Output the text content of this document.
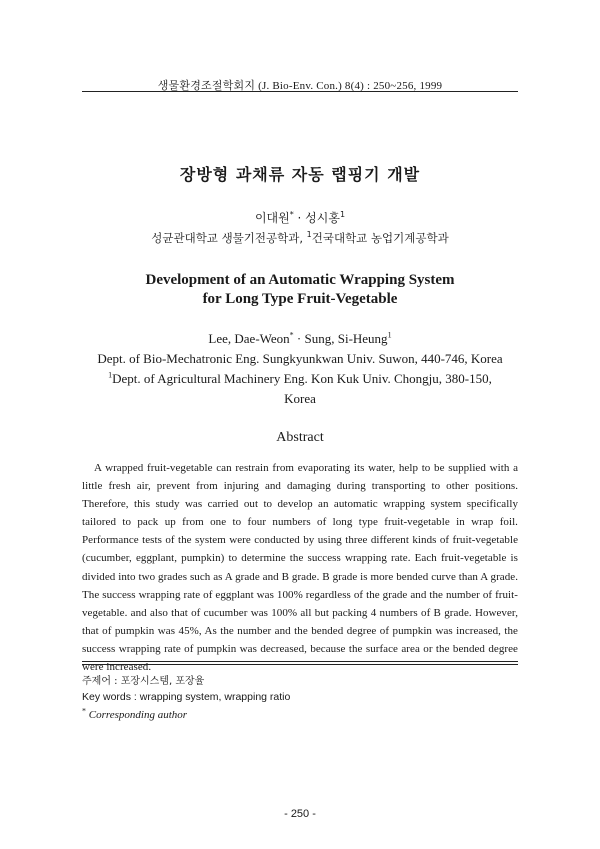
생물환경조절학회지 (J. Bio-Env. Con.) 8(4) : 250~256, 1999
장방형 과채류 자동 랩핑기 개발
이대원* · 성시홍$^1$
성균관대학교 생물기전공학과, $^1$건국대학교 농업기계공학과
Development of an Automatic Wrapping System
for Long Type Fruit-Vegetable
Lee, Dae-Weon* · Sung, Si-Heung$^1$
Dept. of Bio-Mechatronic Eng. Sungkyunkwan Univ. Suwon, 440-746, Korea
$^1$Dept. of Agricultural Machinery Eng. Kon Kuk Univ. Chongju, 380-150,
Korea
Abstract

A wrapped fruit-vegetable can restrain from evaporating its water, help to be supplied with a little fresh air, prevent from injuring and damaging during transporting to other positions. Therefore, this study was carried out to develop an automatic wrapping system specifically tailored to pack up from one to four numbers of long type fruit-vegetable in wrap foil. Performance tests of the system were conducted by using three different kinds of fruit-vegetable (cucumber, eggplant, pumpkin) to determine the success wrapping rate. Each fruit-vegetable is divided into two grades such as A grade and B grade. B grade is more bended curve than A grade. The success wrapping rate of eggplant was 100% regardless of the grade and the number of fruit-vegetable. and also that of cucumber was 100% all but packing 4 numbers of B grade. However, that of pumpkin was 45%, As the number and the bended degree of pumpkin was increased, the success wrapping rate of pumpkin was decreased, because the surface area or the bended degree were increased.

주제어 : 포장시스템, 포장율
Key words : wrapping system, wrapping ratio
* Corresponding author
- 250 -
